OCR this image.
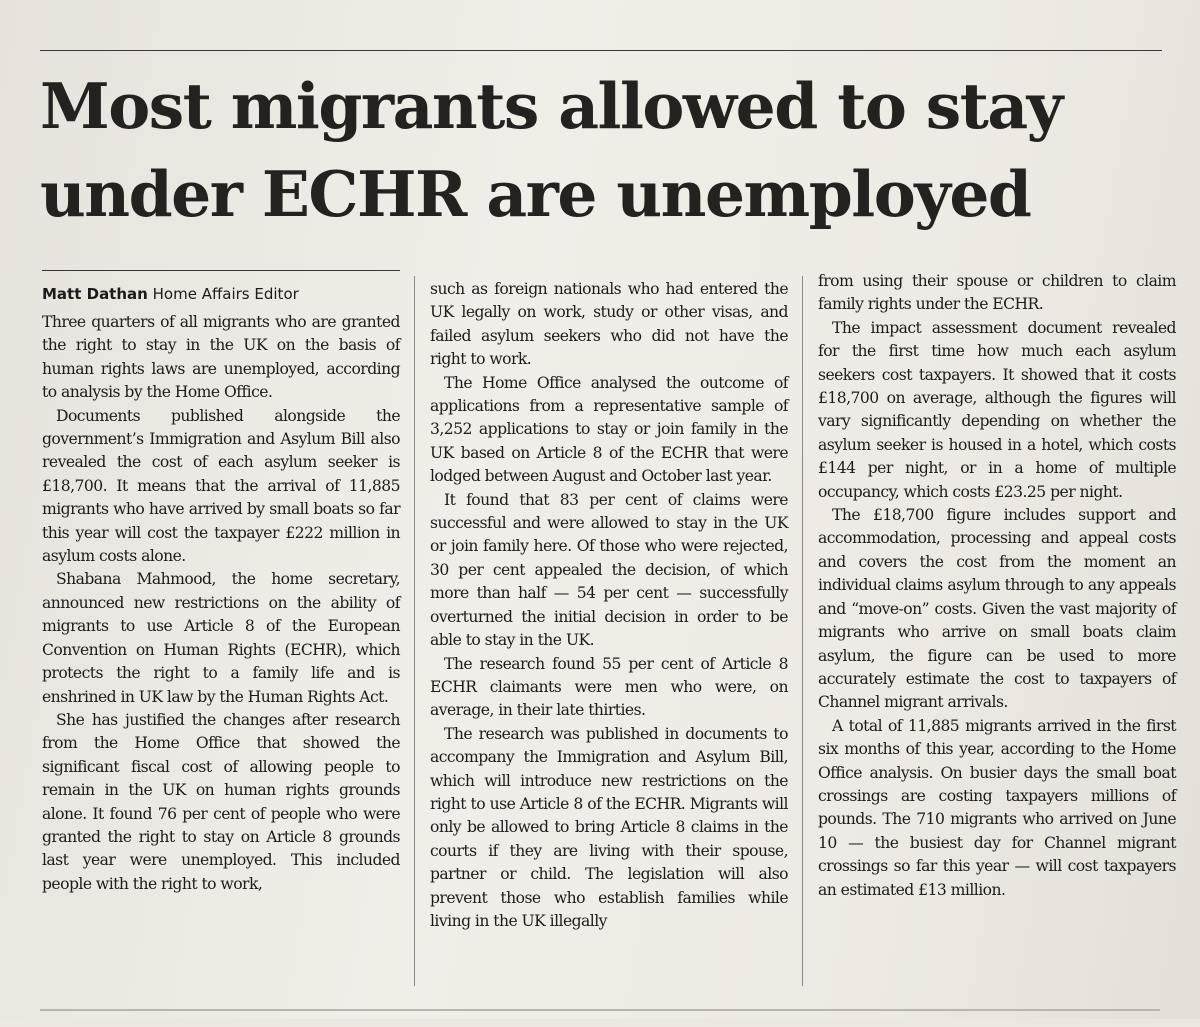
Most migrants allowed to stay under ECHR are unemployed

Matt Dathan Home Affairs Editor

Three quarters of all migrants who are granted the right to stay in the UK on the basis of human rights laws are unemployed, according to analysis by the Home Office.

Documents published alongside the government’s Immigration and Asylum Bill also revealed the cost of each asylum seeker is £18,700. It means that the arrival of 11,885 migrants who have arrived by small boats so far this year will cost the taxpayer £222 million in asylum costs alone.

Shabana Mahmood, the home secretary, announced new restrictions on the ability of migrants to use Article 8 of the European Convention on Human Rights (ECHR), which protects the right to a family life and is enshrined in UK law by the Human Rights Act.

She has justified the changes after research from the Home Office that showed the significant fiscal cost of allowing people to remain in the UK on human rights grounds alone. It found 76 per cent of people who were granted the right to stay on Article 8 grounds last year were unemployed. This included people with the right to work,

such as foreign nationals who had entered the UK legally on work, study or other visas, and failed asylum seekers who did not have the right to work.

The Home Office analysed the outcome of applications from a representative sample of 3,252 applications to stay or join family in the UK based on Article 8 of the ECHR that were lodged between August and October last year.

It found that 83 per cent of claims were successful and were allowed to stay in the UK or join family here. Of those who were rejected, 30 per cent appealed the decision, of which more than half — 54 per cent — successfully overturned the initial decision in order to be able to stay in the UK.

The research found 55 per cent of Article 8 ECHR claimants were men who were, on average, in their late thirties.

The research was published in documents to accompany the Immigration and Asylum Bill, which will introduce new restrictions on the right to use Article 8 of the ECHR. Migrants will only be allowed to bring Article 8 claims in the courts if they are living with their spouse, partner or child. The legislation will also prevent those who establish families while living in the UK illegally

from using their spouse or children to claim family rights under the ECHR.

The impact assessment document revealed for the first time how much each asylum seekers cost taxpayers. It showed that it costs £18,700 on average, although the figures will vary significantly depending on whether the asylum seeker is housed in a hotel, which costs £144 per night, or in a home of multiple occupancy, which costs £23.25 per night.

The £18,700 figure includes support and accommodation, processing and appeal costs and covers the cost from the moment an individual claims asylum through to any appeals and “move-on” costs. Given the vast majority of migrants who arrive on small boats claim asylum, the figure can be used to more accurately estimate the cost to taxpayers of Channel migrant arrivals.

A total of 11,885 migrants arrived in the first six months of this year, according to the Home Office analysis. On busier days the small boat crossings are costing taxpayers millions of pounds. The 710 migrants who arrived on June 10 — the busiest day for Channel migrant crossings so far this year — will cost taxpayers an estimated £13 million.
